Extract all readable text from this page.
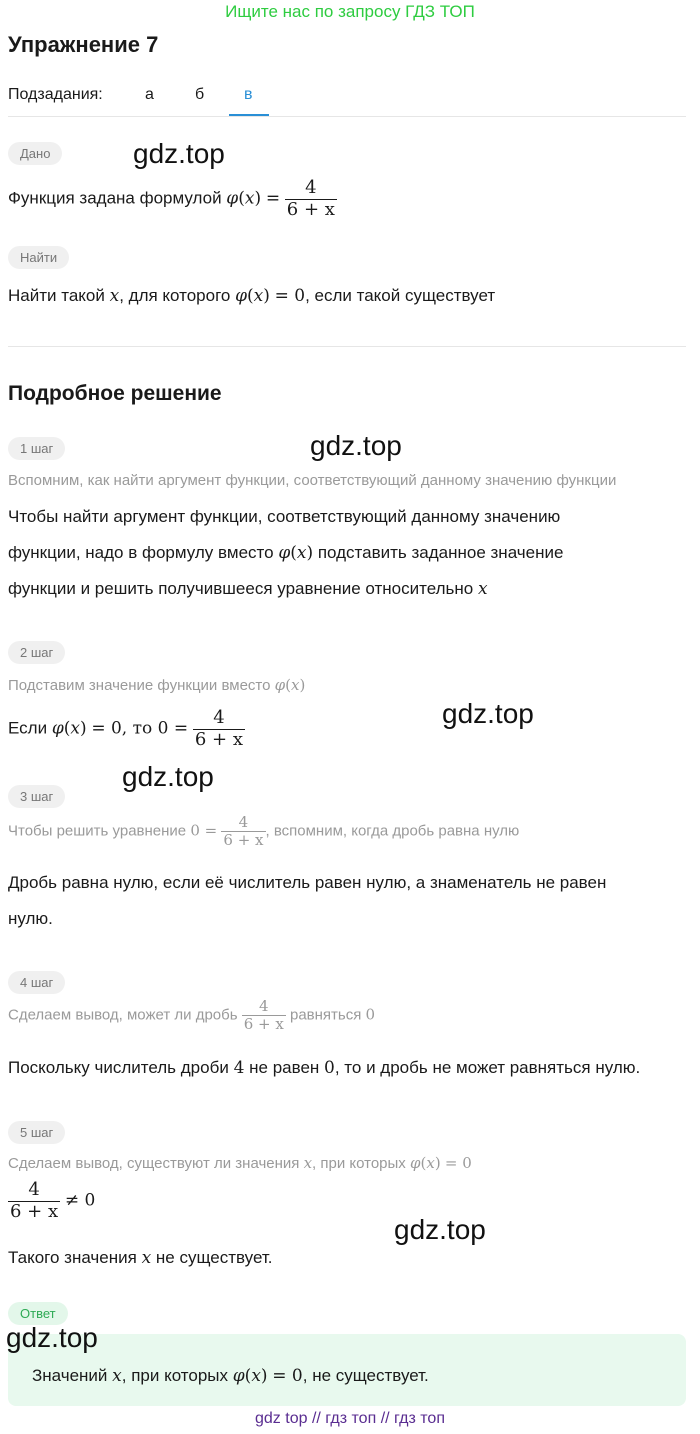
Ищите нас по запросу ГДЗ ТОП
Упражнение 7
Подзадания:	а	б в
Дано	gdz.top
Функция задана формулой $\varphi(x) = \frac{4}{6 + x}$
Найти
Найти такой x, для которого φ(x) = 0, если такой существует
Подробное решение
1 шаг	gdz.top
Вспомним, как найти аргумент функции, соответствующий данному значению функции
Чтобы найти аргумент функции, соответствующий данному значению
функции, надо в формулу вместо φ(x) подставить заданное значение
функции и решить получившееся уравнение относительно x
2 шаг
Подставим значение функции вместо φ(x)
gdz.top
Если φ(x) = 0, то $0 = \frac{4}{6 + x}$
gdz.top
3 шаг
Чтобы решить уравнение $0 = \frac{4}{6 + x}$ , вспомним, когда дробь равна нулю
Дробь равна нулю, если её числитель равен нулю, а знаменатель не равен
нулю.
4 шаг
Сделаем вывод, может ли дробь $\frac{4}{6 + x}$ равняться 0
Поскольку числитель дроби 4 не равен 0, то и дробь не может равняться нулю.
5 шаг
Сделаем вывод, существуют ли значения x, при которых φ(x) = 0
$\frac{4}{6 + x} \ne 0$
gdz.top
Такого значения x не существует.
Ответ
gdz.top
Значений x, при которых φ(x) = 0, не существует.
gdz top // гдз топ // гдз топ
